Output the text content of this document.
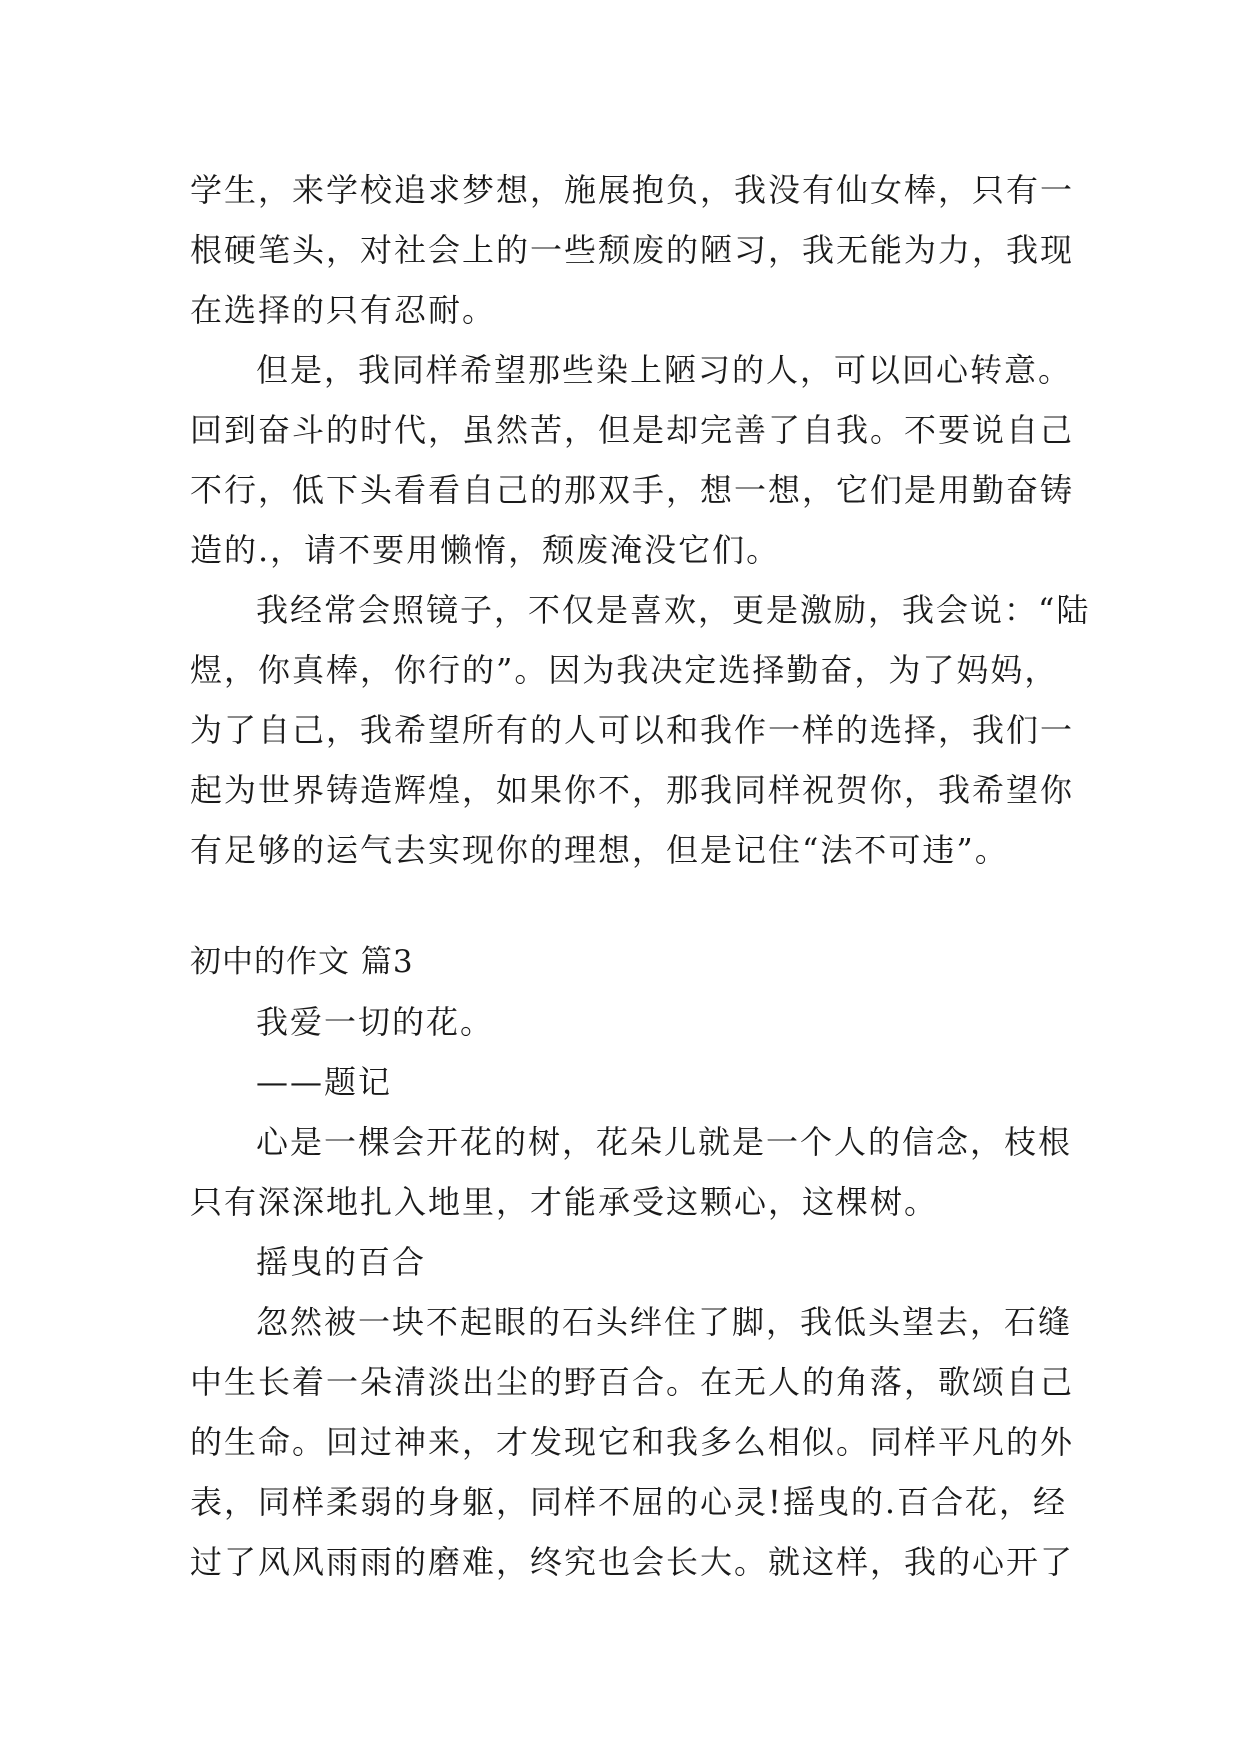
学生，来学校追求梦想，施展抱负，我没有仙女棒，只有一
根硬笔头，对社会上的一些颓废的陋习，我无能为力，我现
在选择的只有忍耐。
但是，我同样希望那些染上陋习的人，可以回心转意。
回到奋斗的时代，虽然苦，但是却完善了自我。不要说自己
不行，低下头看看自己的那双手，想一想，它们是用勤奋铸
造的.，请不要用懒惰，颓废淹没它们。
我经常会照镜子，不仅是喜欢，更是激励，我会说：“陆
煜，你真棒，你行的”。因为我决定选择勤奋，为了妈妈，
为了自己，我希望所有的人可以和我作一样的选择，我们一
起为世界铸造辉煌，如果你不，那我同样祝贺你，我希望你
有足够的运气去实现你的理想，但是记住“法不可违”。
初中的作文 篇3
我爱一切的花。
——题记
心是一棵会开花的树，花朵儿就是一个人的信念，枝根
只有深深地扎入地里，才能承受这颗心，这棵树。
摇曳的百合
忽然被一块不起眼的石头绊住了脚，我低头望去，石缝
中生长着一朵清淡出尘的野百合。在无人的角落，歌颂自己
的生命。回过神来，才发现它和我多么相似。同样平凡的外
表，同样柔弱的身躯，同样不屈的心灵!摇曳的.百合花，经
过了风风雨雨的磨难，终究也会长大。就这样，我的心开了
